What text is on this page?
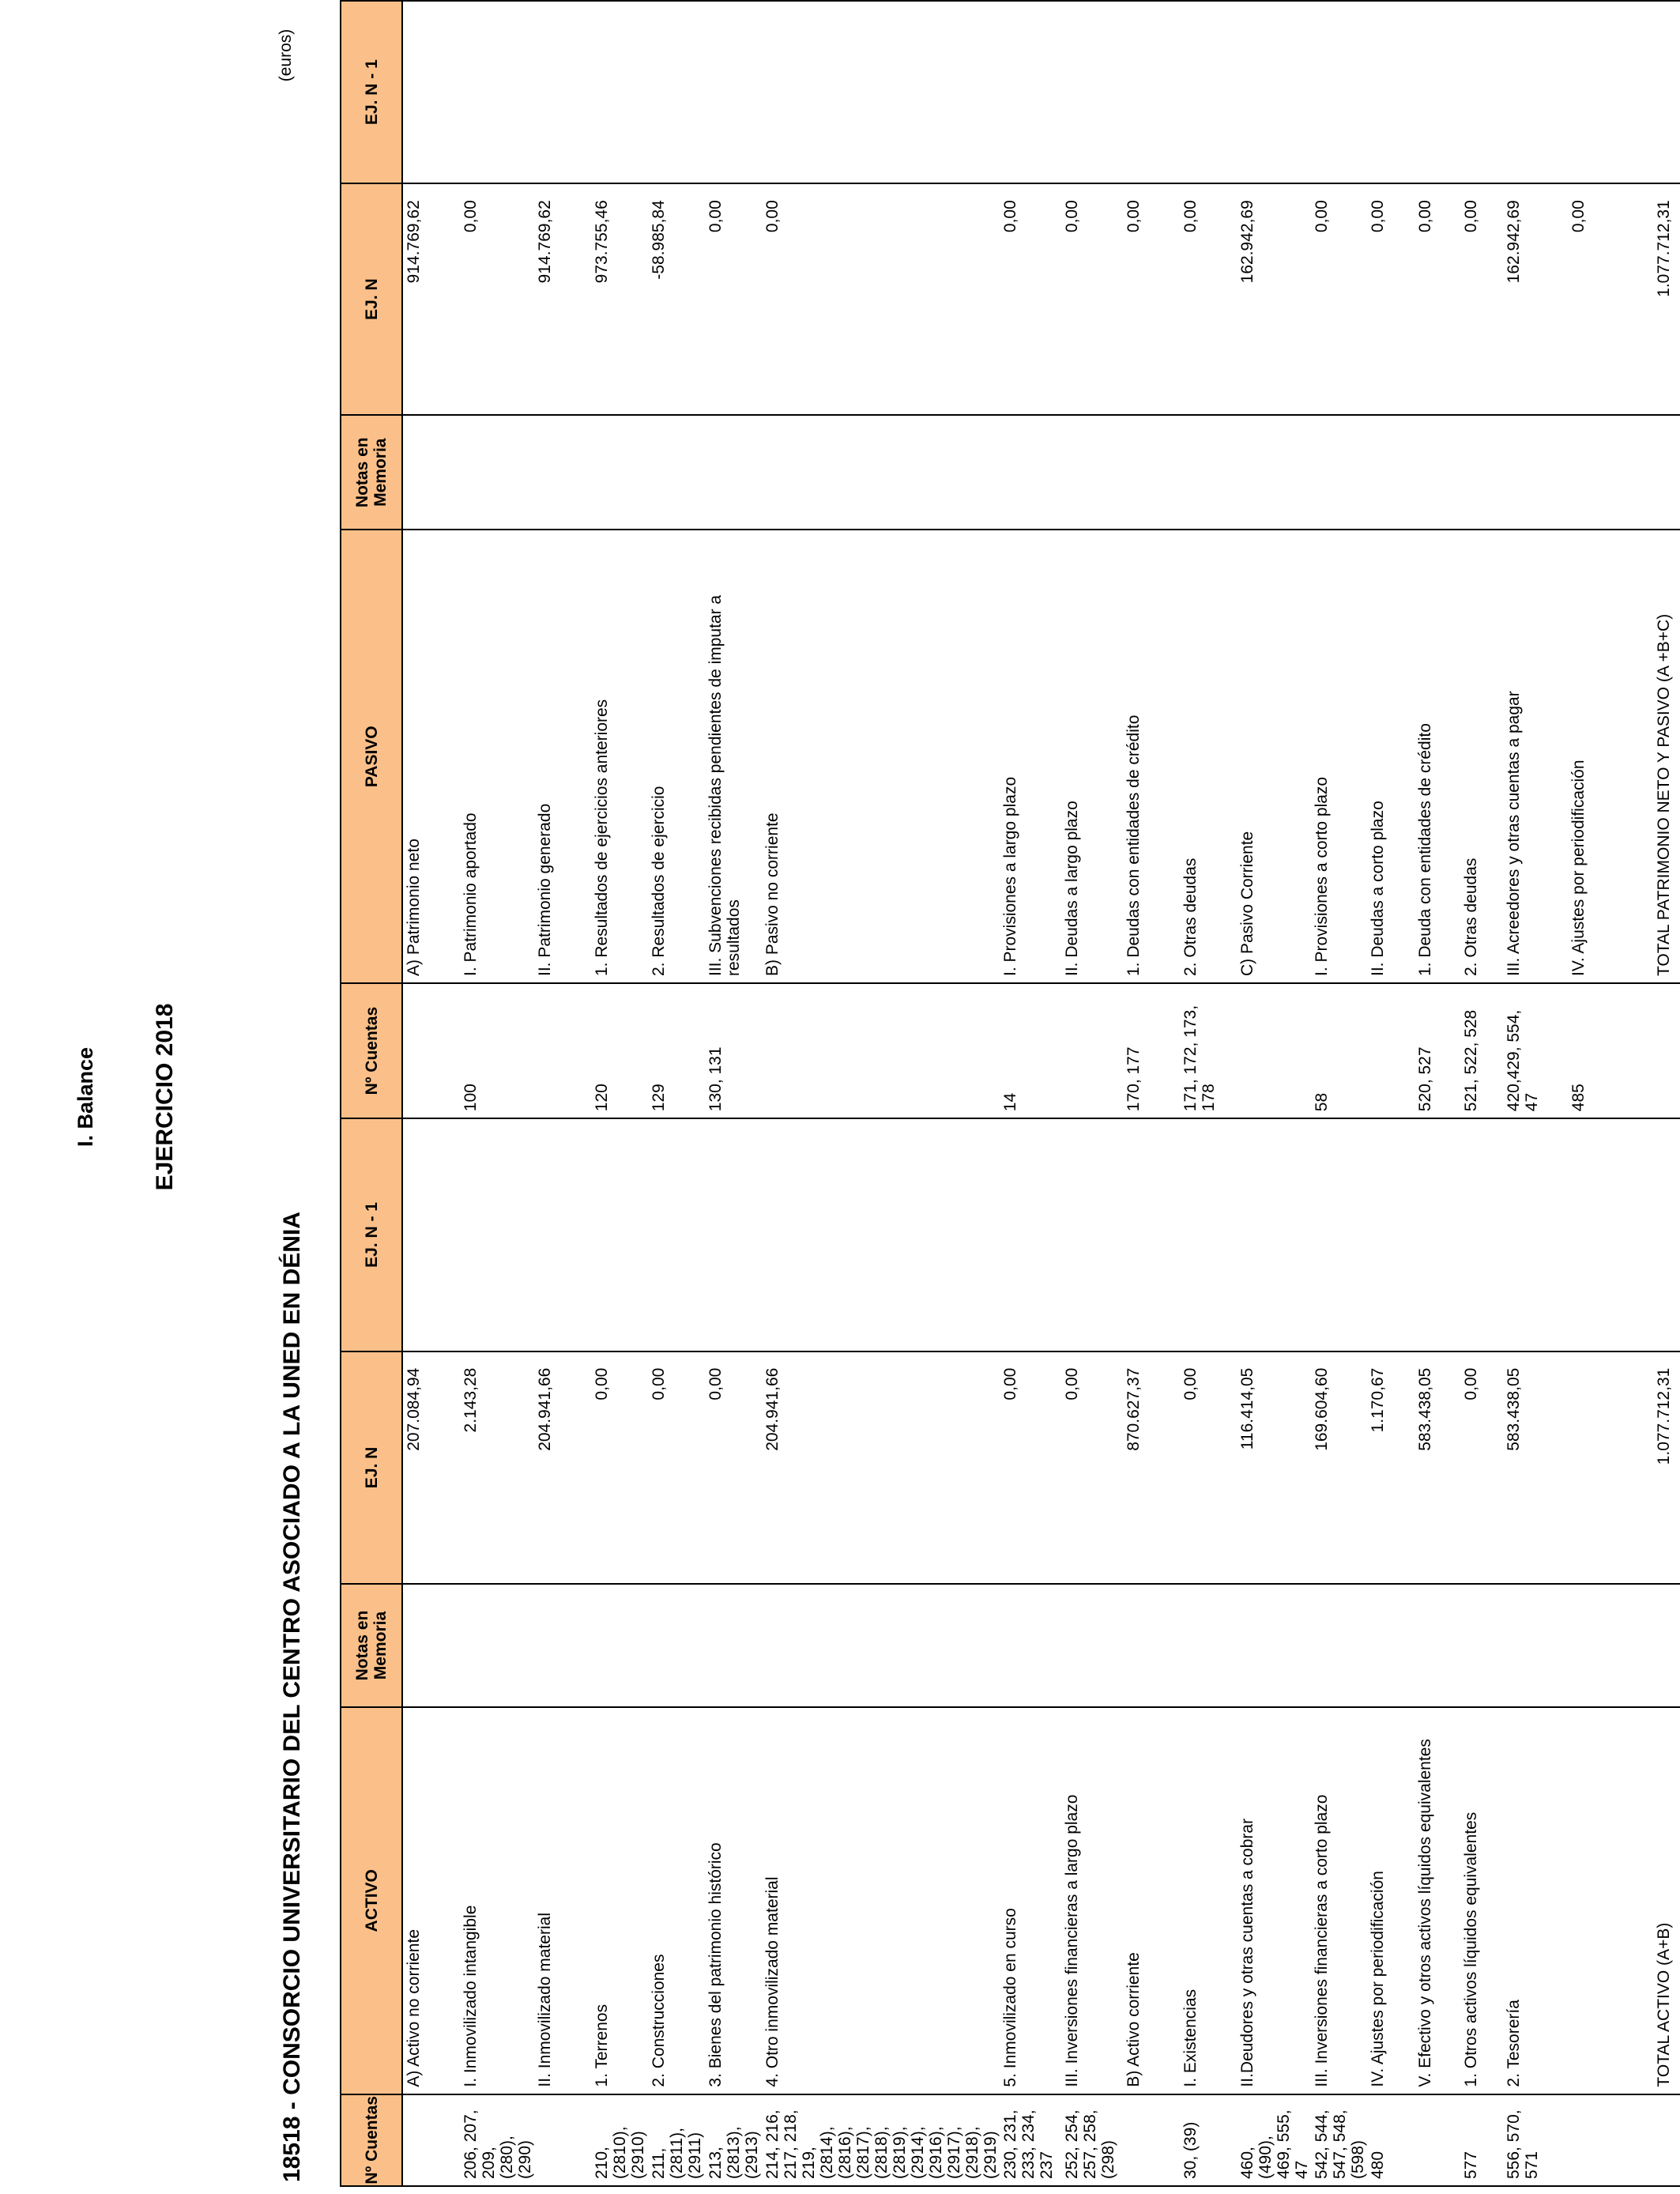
I. Balance EJERCICIO 2018
18518 - CONSORCIO UNIVERSITARIO DEL CENTRO ASOCIADO A LA UNED EN DÉNIA
(euros)
Nº Cuentas	ACTIVO	Notas en Memoria	EJ. N	EJ. N - 1	Nº Cuentas	PASIVO	Notas en Memoria	EJ. N	EJ. N - 1
	A) Activo no corriente		207.084,94			A) Patrimonio neto		914.769,62	
206, 207, 209, (280), (290)	I. Inmovilizado intangible		2.143,28		100	I. Patrimonio aportado		0,00	
	II. Inmovilizado material		204.941,66			II. Patrimonio generado		914.769,62	
210, (2810), (2910)	1. Terrenos		0,00		120	1. Resultados de ejercicios anteriores		973.755,46	
211, (2811), (2911)	2. Construcciones		0,00		129	2. Resultados de ejercicio		-58.985,84	
213, (2813), (2913)	3. Bienes del patrimonio histórico		0,00		130, 131	III. Subvenciones recibidas pendientes de imputar a resultados		0,00	
214, 216, 217, 218, 219, (2814), (2816), (2817), (2818), (2819), (2914), (2916), (2917), (2918), (2919)	4. Otro inmovilizado material		204.941,66			B) Pasivo no corriente		0,00	
230, 231, 233, 234, 237	5. Inmovilizado en curso		0,00		14	I. Provisiones a largo plazo		0,00	
252, 254, 257, 258, (298)	III. Inversiones financieras a largo plazo		0,00			II. Deudas a largo plazo		0,00	
	B) Activo corriente		870.627,37		170, 177	1. Deudas con entidades de crédito		0,00	
30, (39)	I. Existencias		0,00		171, 172, 173, 178	2. Otras deudas		0,00	
460, (490), 469, 555, 47	II.Deudores y otras cuentas a cobrar		116.414,05			C) Pasivo Corriente		162.942,69	
542, 544, 547, 548, (598)	III. Inversiones financieras a corto plazo		169.604,60		58	I. Provisiones a corto plazo		0,00	
480	IV. Ajustes por periodificación		1.170,67			II. Deudas a corto plazo		0,00	
	V. Efectivo y otros activos líquidos equivalentes		583.438,05		520, 527	1. Deuda con entidades de crédito		0,00	
577	1. Otros activos líquidos equivalentes		0,00		521, 522, 528	2. Otras deudas		0,00	
556, 570, 571	2. Tesorería		583.438,05		420,429, 554, 47	III. Acreedores y otras cuentas a pagar		162.942,69	
					485	IV. Ajustes por periodificación		0,00	
	TOTAL ACTIVO (A+B)		1.077.712,31			TOTAL PATRIMONIO NETO Y PASIVO (A +B+C)		1.077.712,31	
